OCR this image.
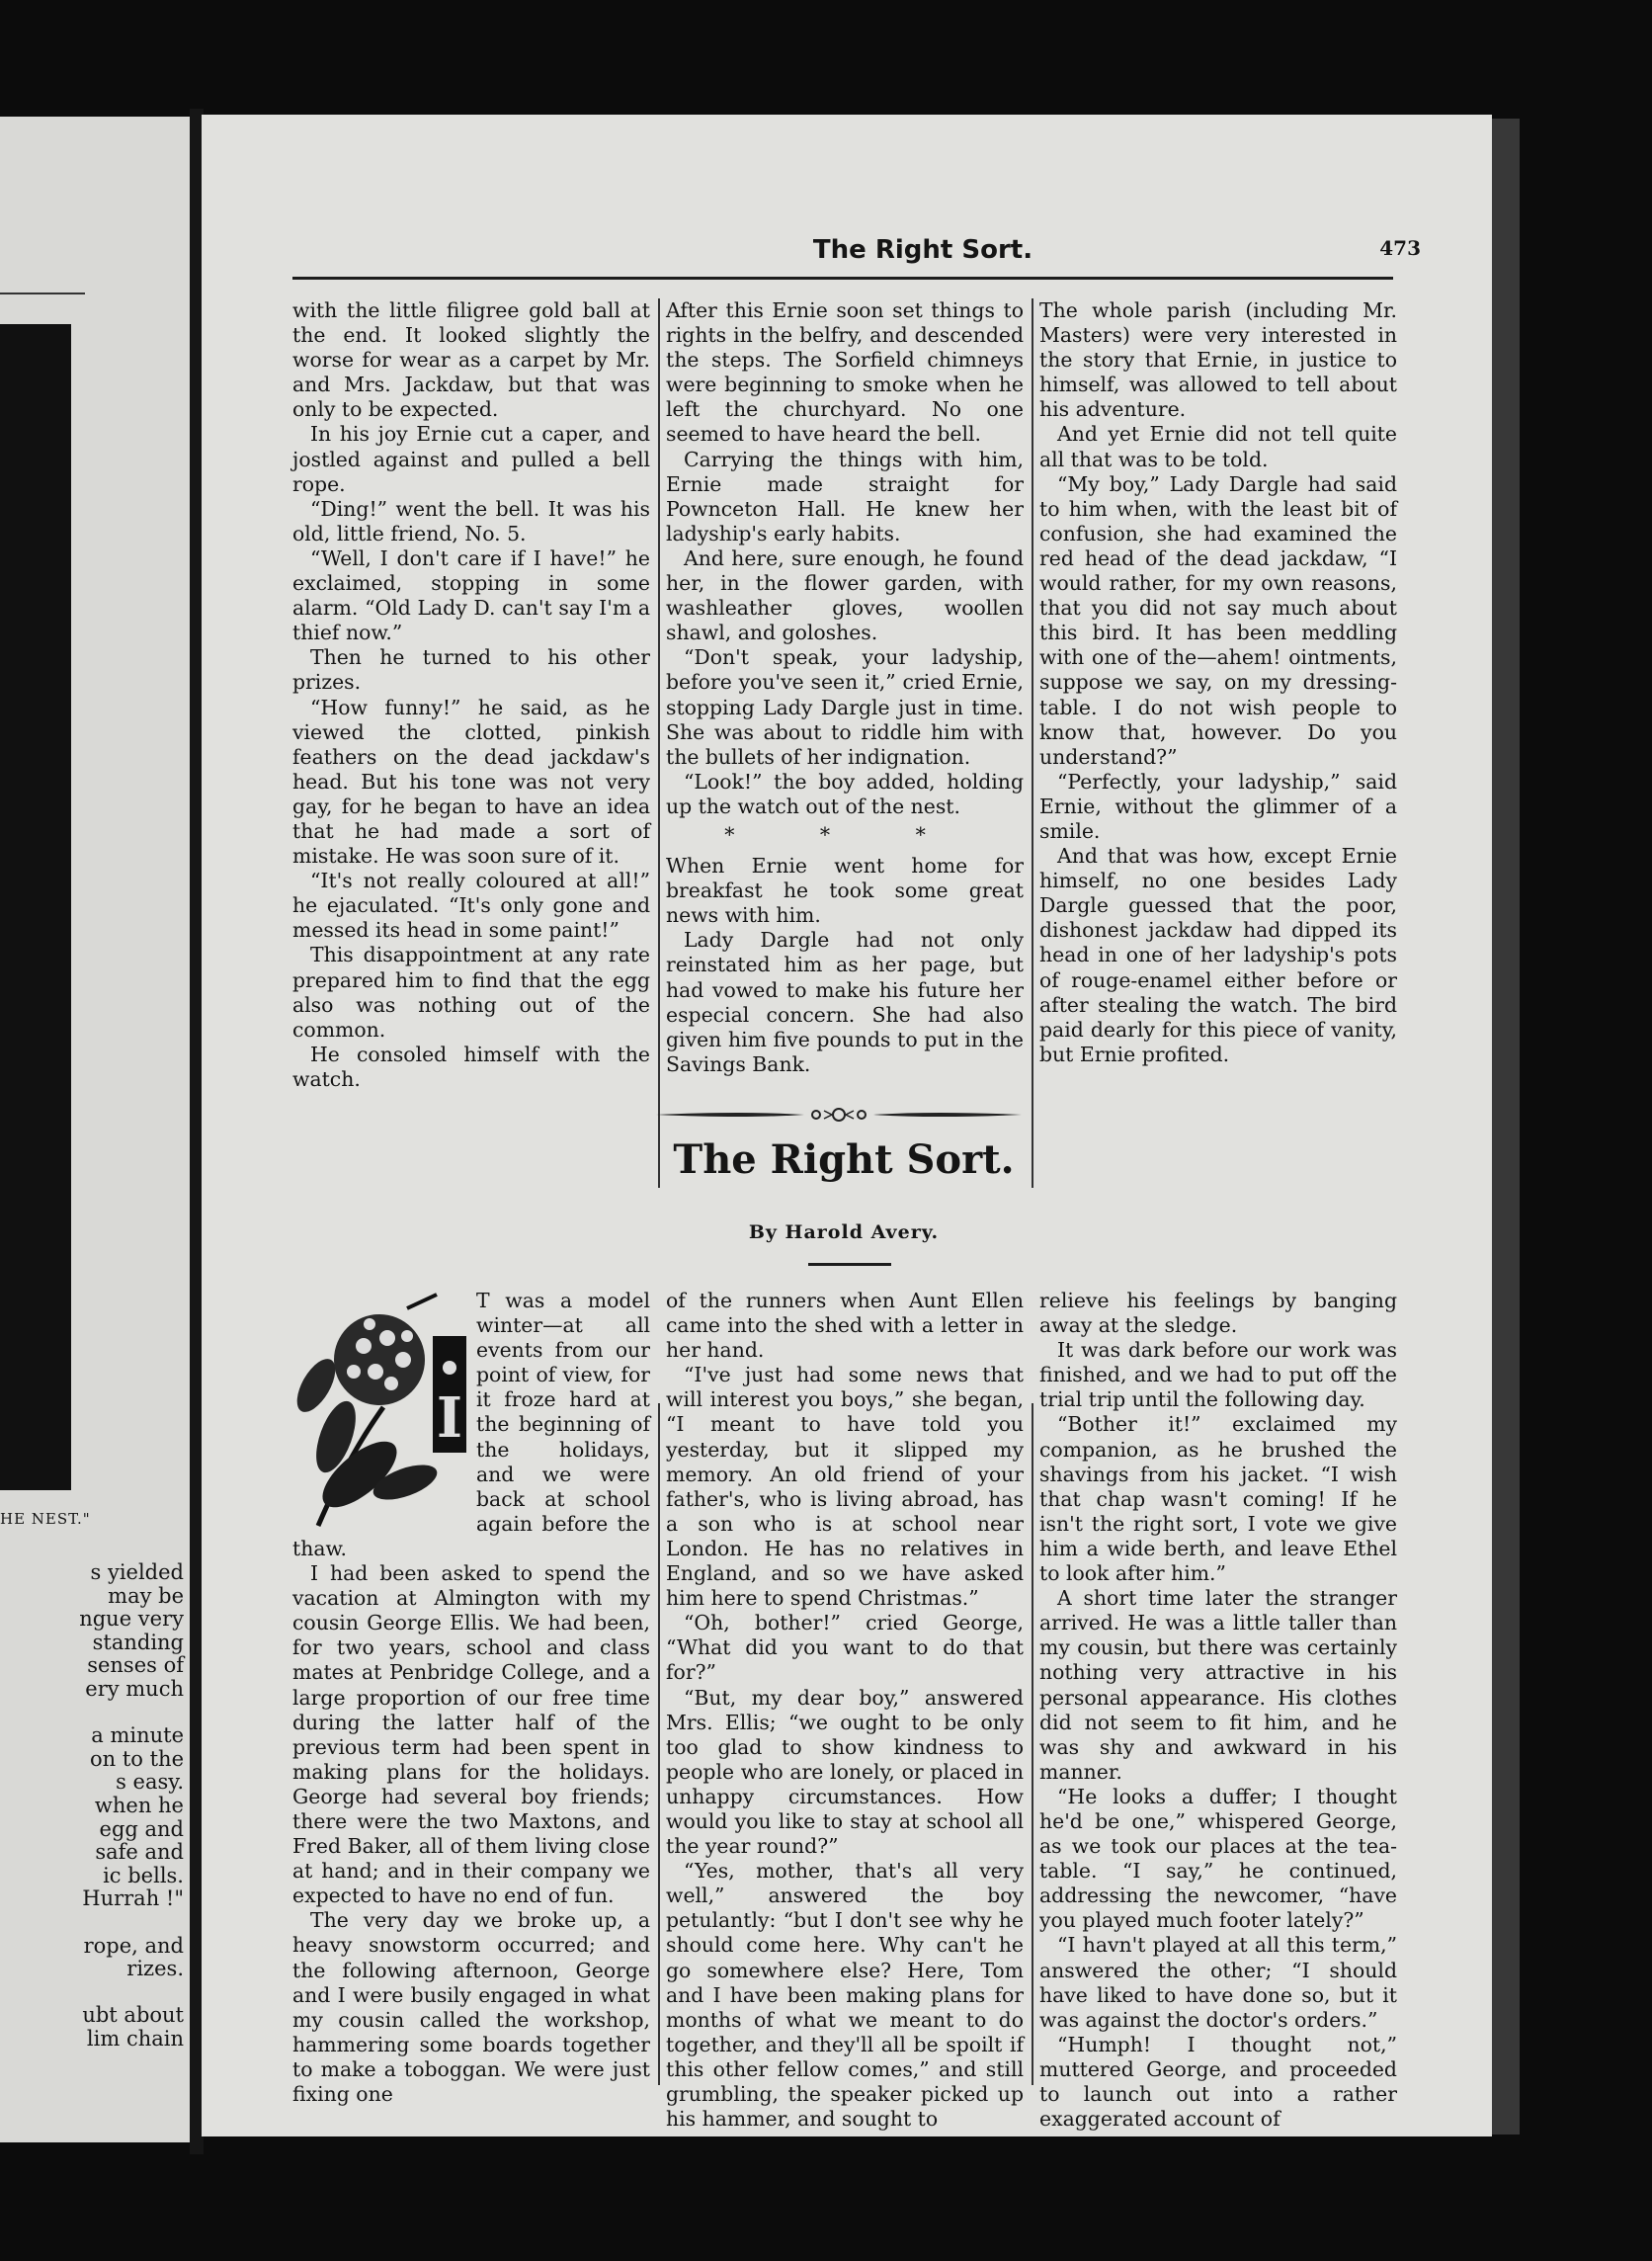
HE NEST."
s yielded
may be
ngue very
standing
senses of
ery much

a minute
on to the
s easy.
when he
egg and
safe and
ic bells.
Hurrah !"

rope, and
rizes.

ubt about
lim chain
The Right Sort.	473

with the little filigree gold ball at the end. It looked slightly the worse for wear as a carpet by Mr. and Mrs. Jackdaw, but that was only to be expected.

In his joy Ernie cut a caper, and jostled against and pulled a bell rope.

“Ding!” went the bell. It was his old, little friend, No. 5.

“Well, I don't care if I have!” he exclaimed, stopping in some alarm. “Old Lady D. can't say I'm a thief now.”

Then he turned to his other prizes.

“How funny!” he said, as he viewed the clotted, pinkish feathers on the dead jackdaw's head. But his tone was not very gay, for he began to have an idea that he had made a sort of mistake. He was soon sure of it.

“It's not really coloured at all!” he ejaculated. “It's only gone and messed its head in some paint!”

This disappointment at any rate prepared him to find that the egg also was nothing out of the common.

He consoled himself with the watch.

After this Ernie soon set things to rights in the belfry, and descended the steps. The Sorfield chimneys were beginning to smoke when he left the churchyard. No one seemed to have heard the bell.

Carrying the things with him, Ernie made straight for Pownceton Hall. He knew her ladyship's early habits.

And here, sure enough, he found her, in the flower garden, with washleather gloves, woollen shawl, and goloshes.

“Don't speak, your ladyship, before you've seen it,” cried Ernie, stopping Lady Dargle just in time. She was about to riddle him with the bullets of her indignation.

“Look!” the boy added, holding up the watch out of the nest.

* * *

When Ernie went home for breakfast he took some great news with him.

Lady Dargle had not only reinstated him as her page, but had vowed to make his future her especial concern. She had also given him five pounds to put in the Savings Bank.

The whole parish (including Mr. Masters) were very interested in the story that Ernie, in justice to himself, was allowed to tell about his adventure.

And yet Ernie did not tell quite all that was to be told.

“My boy,” Lady Dargle had said to him when, with the least bit of confusion, she had examined the red head of the dead jackdaw, “I would rather, for my own reasons, that you did not say much about this bird. It has been meddling with one of the—ahem! ointments, suppose we say, on my dressing-table. I do not wish people to know that, however. Do you understand?”

“Perfectly, your ladyship,” said Ernie, without the glimmer of a smile.

And that was how, except Ernie himself, no one besides Lady Dargle guessed that the poor, dishonest jackdaw had dipped its head in one of her ladyship's pots of rouge-enamel either before or after stealing the watch. The bird paid dearly for this piece of vanity, but Ernie profited.

The Right Sort.
By Harold Avery.
I

T was a model winter—at all events from our point of view, for it froze hard at the beginning of the holidays, and we were back at school again before the thaw.

I had been asked to spend the vacation at Almington with my cousin George Ellis. We had been, for two years, school and class mates at Penbridge College, and a large proportion of our free time during the latter half of the previous term had been spent in making plans for the holidays. George had several boy friends; there were the two Maxtons, and Fred Baker, all of them living close at hand; and in their company we expected to have no end of fun.

The very day we broke up, a heavy snowstorm occurred; and the following afternoon, George and I were busily engaged in what my cousin called the workshop, hammering some boards together to make a toboggan. We were just fixing one

of the runners when Aunt Ellen came into the shed with a letter in her hand.

“I've just had some news that will interest you boys,” she began, “I meant to have told you yesterday, but it slipped my memory. An old friend of your father's, who is living abroad, has a son who is at school near London. He has no relatives in England, and so we have asked him here to spend Christmas.”

“Oh, bother!” cried George, “What did you want to do that for?”

“But, my dear boy,” answered Mrs. Ellis; “we ought to be only too glad to show kindness to people who are lonely, or placed in unhappy circumstances. How would you like to stay at school all the year round?”

“Yes, mother, that's all very well,” answered the boy petulantly: “but I don't see why he should come here. Why can't he go somewhere else? Here, Tom and I have been making plans for months of what we meant to do together, and they'll all be spoilt if this other fellow comes,” and still grumbling, the speaker picked up his hammer, and sought to

relieve his feelings by banging away at the sledge.

It was dark before our work was finished, and we had to put off the trial trip until the following day.

“Bother it!” exclaimed my companion, as he brushed the shavings from his jacket. “I wish that chap wasn't coming! If he isn't the right sort, I vote we give him a wide berth, and leave Ethel to look after him.”

A short time later the stranger arrived. He was a little taller than my cousin, but there was certainly nothing very attractive in his personal appearance. His clothes did not seem to fit him, and he was shy and awkward in his manner.

“He looks a duffer; I thought he'd be one,” whispered George, as we took our places at the tea-table. “I say,” he continued, addressing the newcomer, “have you played much footer lately?”

“I havn't played at all this term,” answered the other; “I should have liked to have done so, but it was against the doctor's orders.”

“Humph! I thought not,” muttered George, and proceeded to launch out into a rather exaggerated account of
